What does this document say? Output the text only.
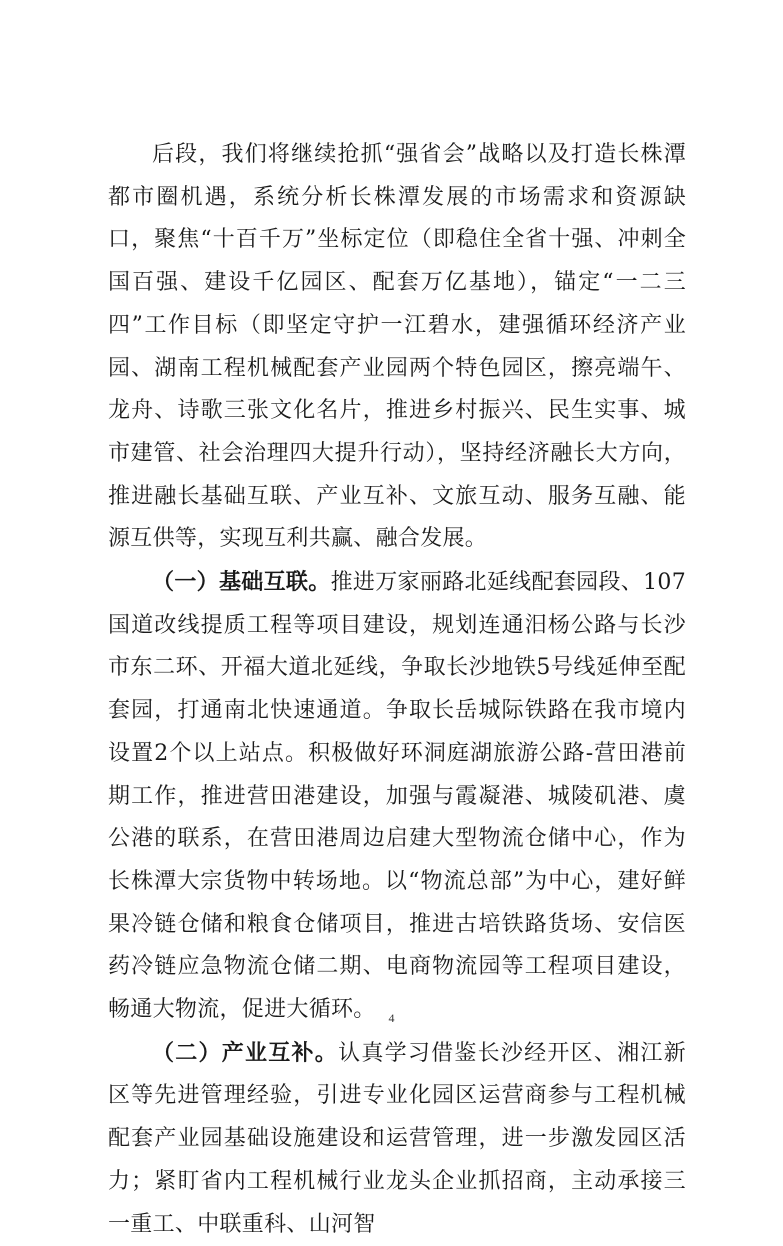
后段，我们将继续抢抓“强省会”战略以及打造长株潭都市圈机遇，系统分析长株潭发展的市场需求和资源缺口，聚焦“十百千万”坐标定位（即稳住全省十强、冲刺全国百强、建设千亿园区、配套万亿基地），锚定“一二三四”工作目标（即坚定守护一江碧水，建强循环经济产业园、湖南工程机械配套产业园两个特色园区，擦亮端午、龙舟、诗歌三张文化名片，推进乡村振兴、民生实事、城市建管、社会治理四大提升行动），坚持经济融长大方向，推进融长基础互联、产业互补、文旅互动、服务互融、能源互供等，实现互利共赢、融合发展。

（一）基础互联。推进万家丽路北延线配套园段、107国道改线提质工程等项目建设，规划连通汨杨公路与长沙市东二环、开福大道北延线，争取长沙地铁5号线延伸至配套园，打通南北快速通道。争取长岳城际铁路在我市境内设置2个以上站点。积极做好环洞庭湖旅游公路-营田港前期工作，推进营田港建设，加强与霞凝港、城陵矶港、虞公港的联系，在营田港周边启建大型物流仓储中心，作为长株潭大宗货物中转场地。以“物流总部”为中心，建好鲜果冷链仓储和粮食仓储项目，推进古培铁路货场、安信医药冷链应急物流仓储二期、电商物流园等工程项目建设，畅通大物流，促进大循环。

（二）产业互补。认真学习借鉴长沙经开区、湘江新区等先进管理经验，引进专业化园区运营商参与工程机械配套产业园基础设施建设和运营管理，进一步激发园区活力；紧盯省内工程机械行业龙头企业抓招商，主动承接三一重工、中联重科、山河智

4
